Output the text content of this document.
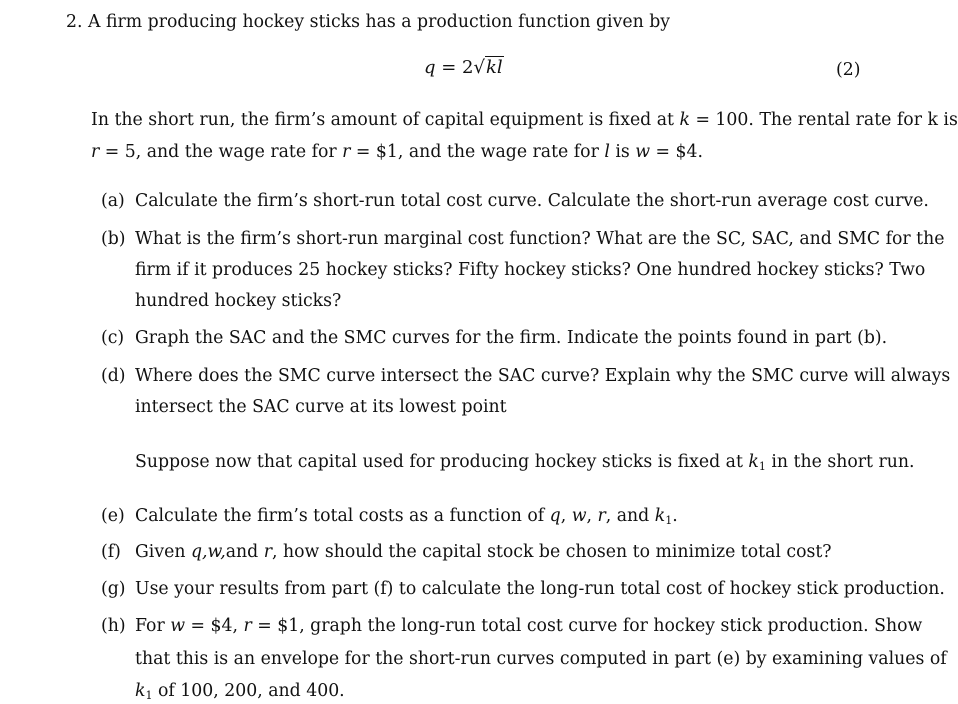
2. A firm producing hockey sticks has a production function given by
q = 2√kl	(2)
In the short run, the firm’s amount of capital equipment is fixed at k = 100. The rental rate for k is
r = 5, and the wage rate for r = $1, and the wage rate for l is w = $4.
(a) Calculate the firm’s short-run total cost curve. Calculate the short-run average cost curve.
(b) What is the firm’s short-run marginal cost function? What are the SC, SAC, and SMC for the
firm if it produces 25 hockey sticks? Fifty hockey sticks? One hundred hockey sticks? Two
hundred hockey sticks?
(c) Graph the SAC and the SMC curves for the firm. Indicate the points found in part (b).
(d) Where does the SMC curve intersect the SAC curve? Explain why the SMC curve will always
intersect the SAC curve at its lowest point
Suppose now that capital used for producing hockey sticks is fixed at $k_1$ in the short run.
(e) Calculate the firm’s total costs as a function of q, w, r, and $k_1$.
(f) Given q,w,and r, how should the capital stock be chosen to minimize total cost?
(g) Use your results from part (f) to calculate the long-run total cost of hockey stick production.
(h) For w = $4, r = $1, graph the long-run total cost curve for hockey stick production. Show
that this is an envelope for the short-run curves computed in part (e) by examining values of
$k_1$ of 100, 200, and 400.
